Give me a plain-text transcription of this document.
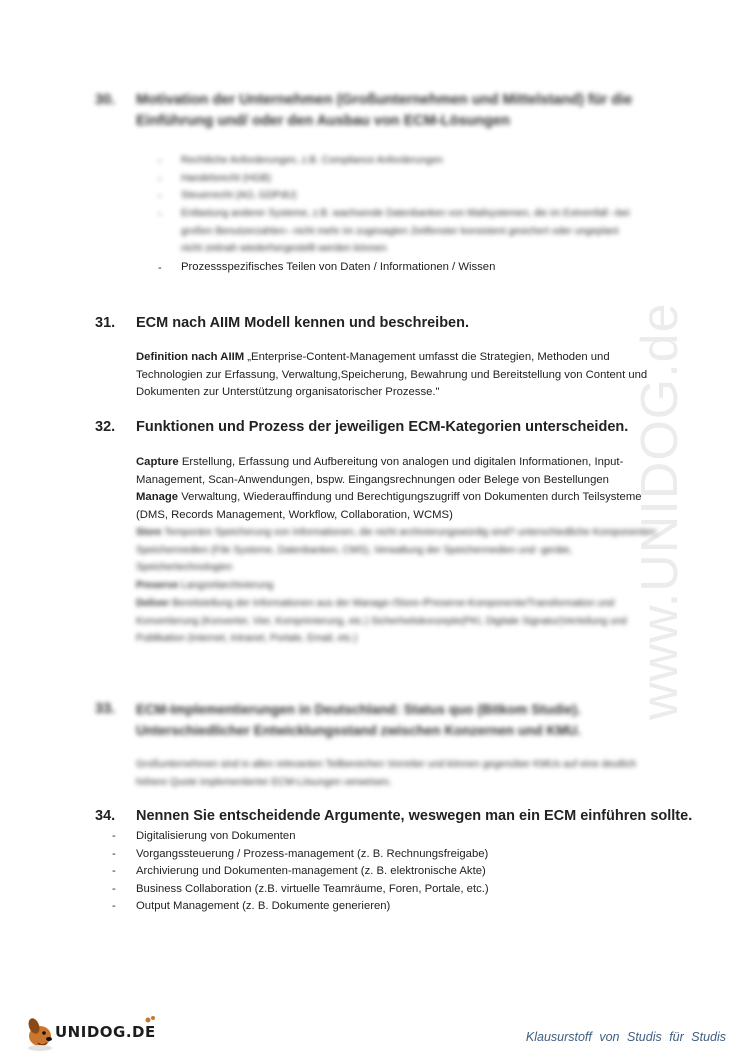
www.UNIDOG.de
30. Motivation der Unternehmen (Großunternehmen und Mittelstand) für die Einführung und/ oder den Ausbau von ECM-Lösungen
- Rechtliche Anforderungen, z.B. Compliance Anforderungen
- Handelsrecht (HGB)
- Steuerrecht (AO, GDPdU)
- Entlastung anderer Systeme, z.B. wachsende Datenbanken von Mailsystemen, die im Extremfall –bei großen Benutzerzahlen– nicht mehr im zugesagten Zeitfenster konsistent gesichert oder ungeplant nicht zeitnah wiederhergestellt werden können
- Prozessspezifisches Teilen von Daten / Informationen / Wissen
31. ECM nach AIIM Modell kennen und beschreiben.
Definition nach AIIM „Enterprise-Content-Management umfasst die Strategien, Methoden und Technologien zur Erfassung, Verwaltung,Speicherung, Bewahrung und Bereitstellung von Content und Dokumenten zur Unterstützung organisatorischer Prozesse."
32. Funktionen und Prozess der jeweiligen ECM-Kategorien unterscheiden.
Capture Erstellung, Erfassung und Aufbereitung von analogen und digitalen Informationen, Input-Management, Scan-Anwendungen, bspw. Eingangsrechnungen oder Belege von Bestellungen
Manage Verwaltung, Wiederauffindung und Berechtigungszugriff von Dokumenten durch Teilsysteme (DMS, Records Management, Workflow, Collaboration, WCMS)
Store Temporäre Speicherung von Informationen, die nicht archivierungswürdig sind? unterschiedliche Komponenten: Speichermedien (File Systeme, Datenbanken, CMS), Verwaltung der Speichermedien und -geräte, Speichertechnologien
Preserve Langzeitarchivierung
Deliver Bereitstellung der Informationen aus der Manage-/Store-/Preserve-Komponente/Transformation und Konvertierung (Konverter, Vier, Komprimierung, etc.) Sicherheitskonzepte(PKI, Digitale Signatur)Verteilung und Publikation (Internet, Intranet, Portale, Email, etc.)
33. ECM-Implementierungen in Deutschland: Status quo (Bitkom Studie). Unterschiedlicher Entwicklungsstand zwischen Konzernen und KMU.
Großunternehmen sind in allen relevanten Teilbereichen Vorreiter und können gegenüber KMUs auf eine deutlich höhere Quote implementierter ECM-Lösungen verweisen.
34. Nennen Sie entscheidende Argumente, weswegen man ein ECM einführen sollte.
-	Digitalisierung von Dokumenten
-	Vorgangssteuerung / Prozess-management (z. B. Rechnungsfreigabe)
-	Archivierung und Dokumenten-management (z. B. elektronische Akte)
-	Business Collaboration (z.B. virtuelle Teamräume, Foren, Portale, etc.)
-	Output Management (z. B. Dokumente generieren)
UNIDOG.DE	Klausurstoff von Studis für Studis
